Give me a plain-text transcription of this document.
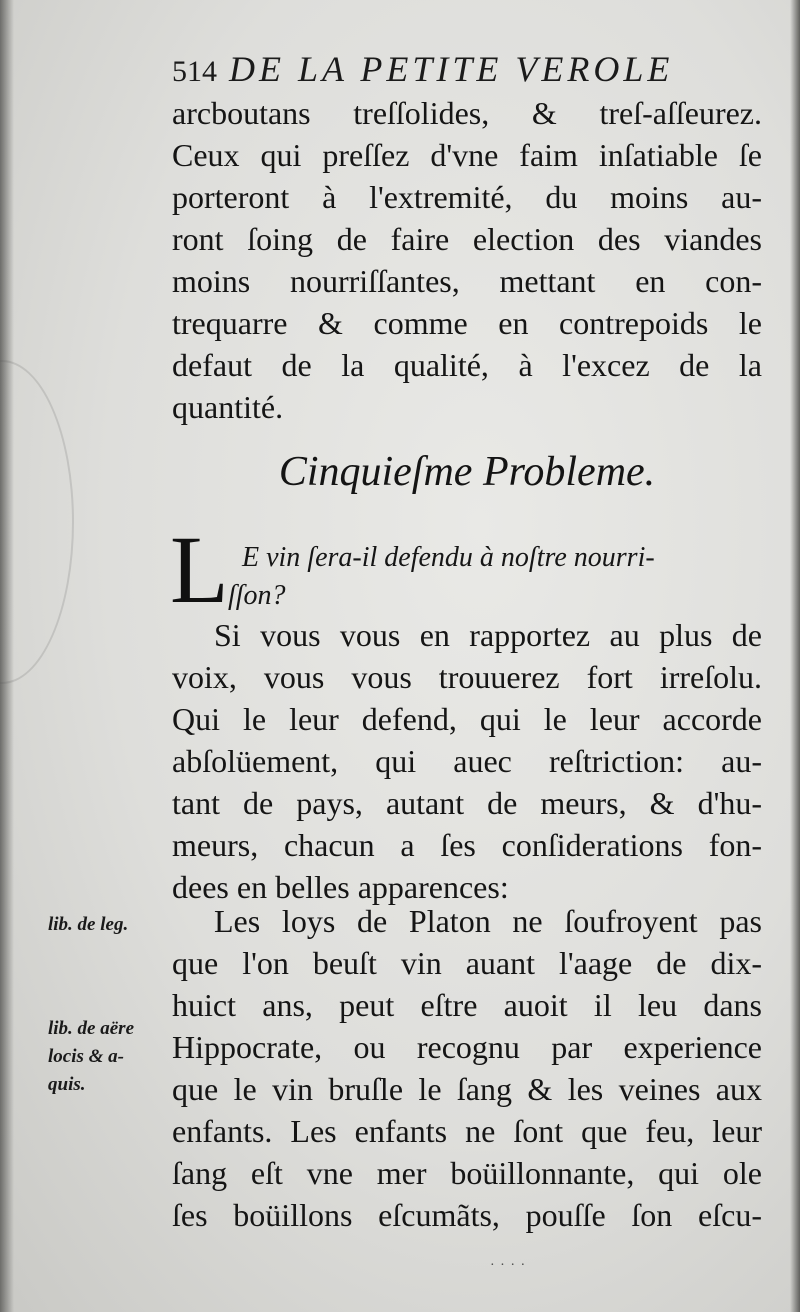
514 DE LA PETITE VEROLE
arcboutans treſſolides, & treſ-aſſeurez.
Ceux qui preſſez d'vne faim inſatiable ſe
porteront à l'extremité, du moins au-
ront ſoing de faire election des viandes
moins nourriſſantes, mettant en con-
trequarre & comme en contrepoids le
defaut de la qualité, à l'excez de la
quantité.
Cinquieſme Probleme.
L E vin ſera-il defendu à noſtre nourri-
ſſon?
Si vous vous en rapportez au plus de
voix, vous vous trouuerez fort irreſolu.
Qui le leur defend, qui le leur accorde
abſolüement, qui auec reſtriction: au-
tant de pays, autant de meurs, & d'hu-
meurs, chacun a ſes conſiderations fon-
dees en belles apparences:
Les loys de Platon ne ſoufroyent pas
que l'on beuſt vin auant l'aage de dix-
huict ans, peut eſtre auoit il leu dans
Hippocrate, ou recognu par experience
que le vin bruſle le ſang & les veines aux
enfants. Les enfants ne ſont que feu, leur
ſang eſt vne mer boüillonnante, qui ole
ſes boüillons eſcumãts, pouſſe ſon eſcu-
lib. de leg.
lib. de aëre
locis & a-
quis.
· · · ·
